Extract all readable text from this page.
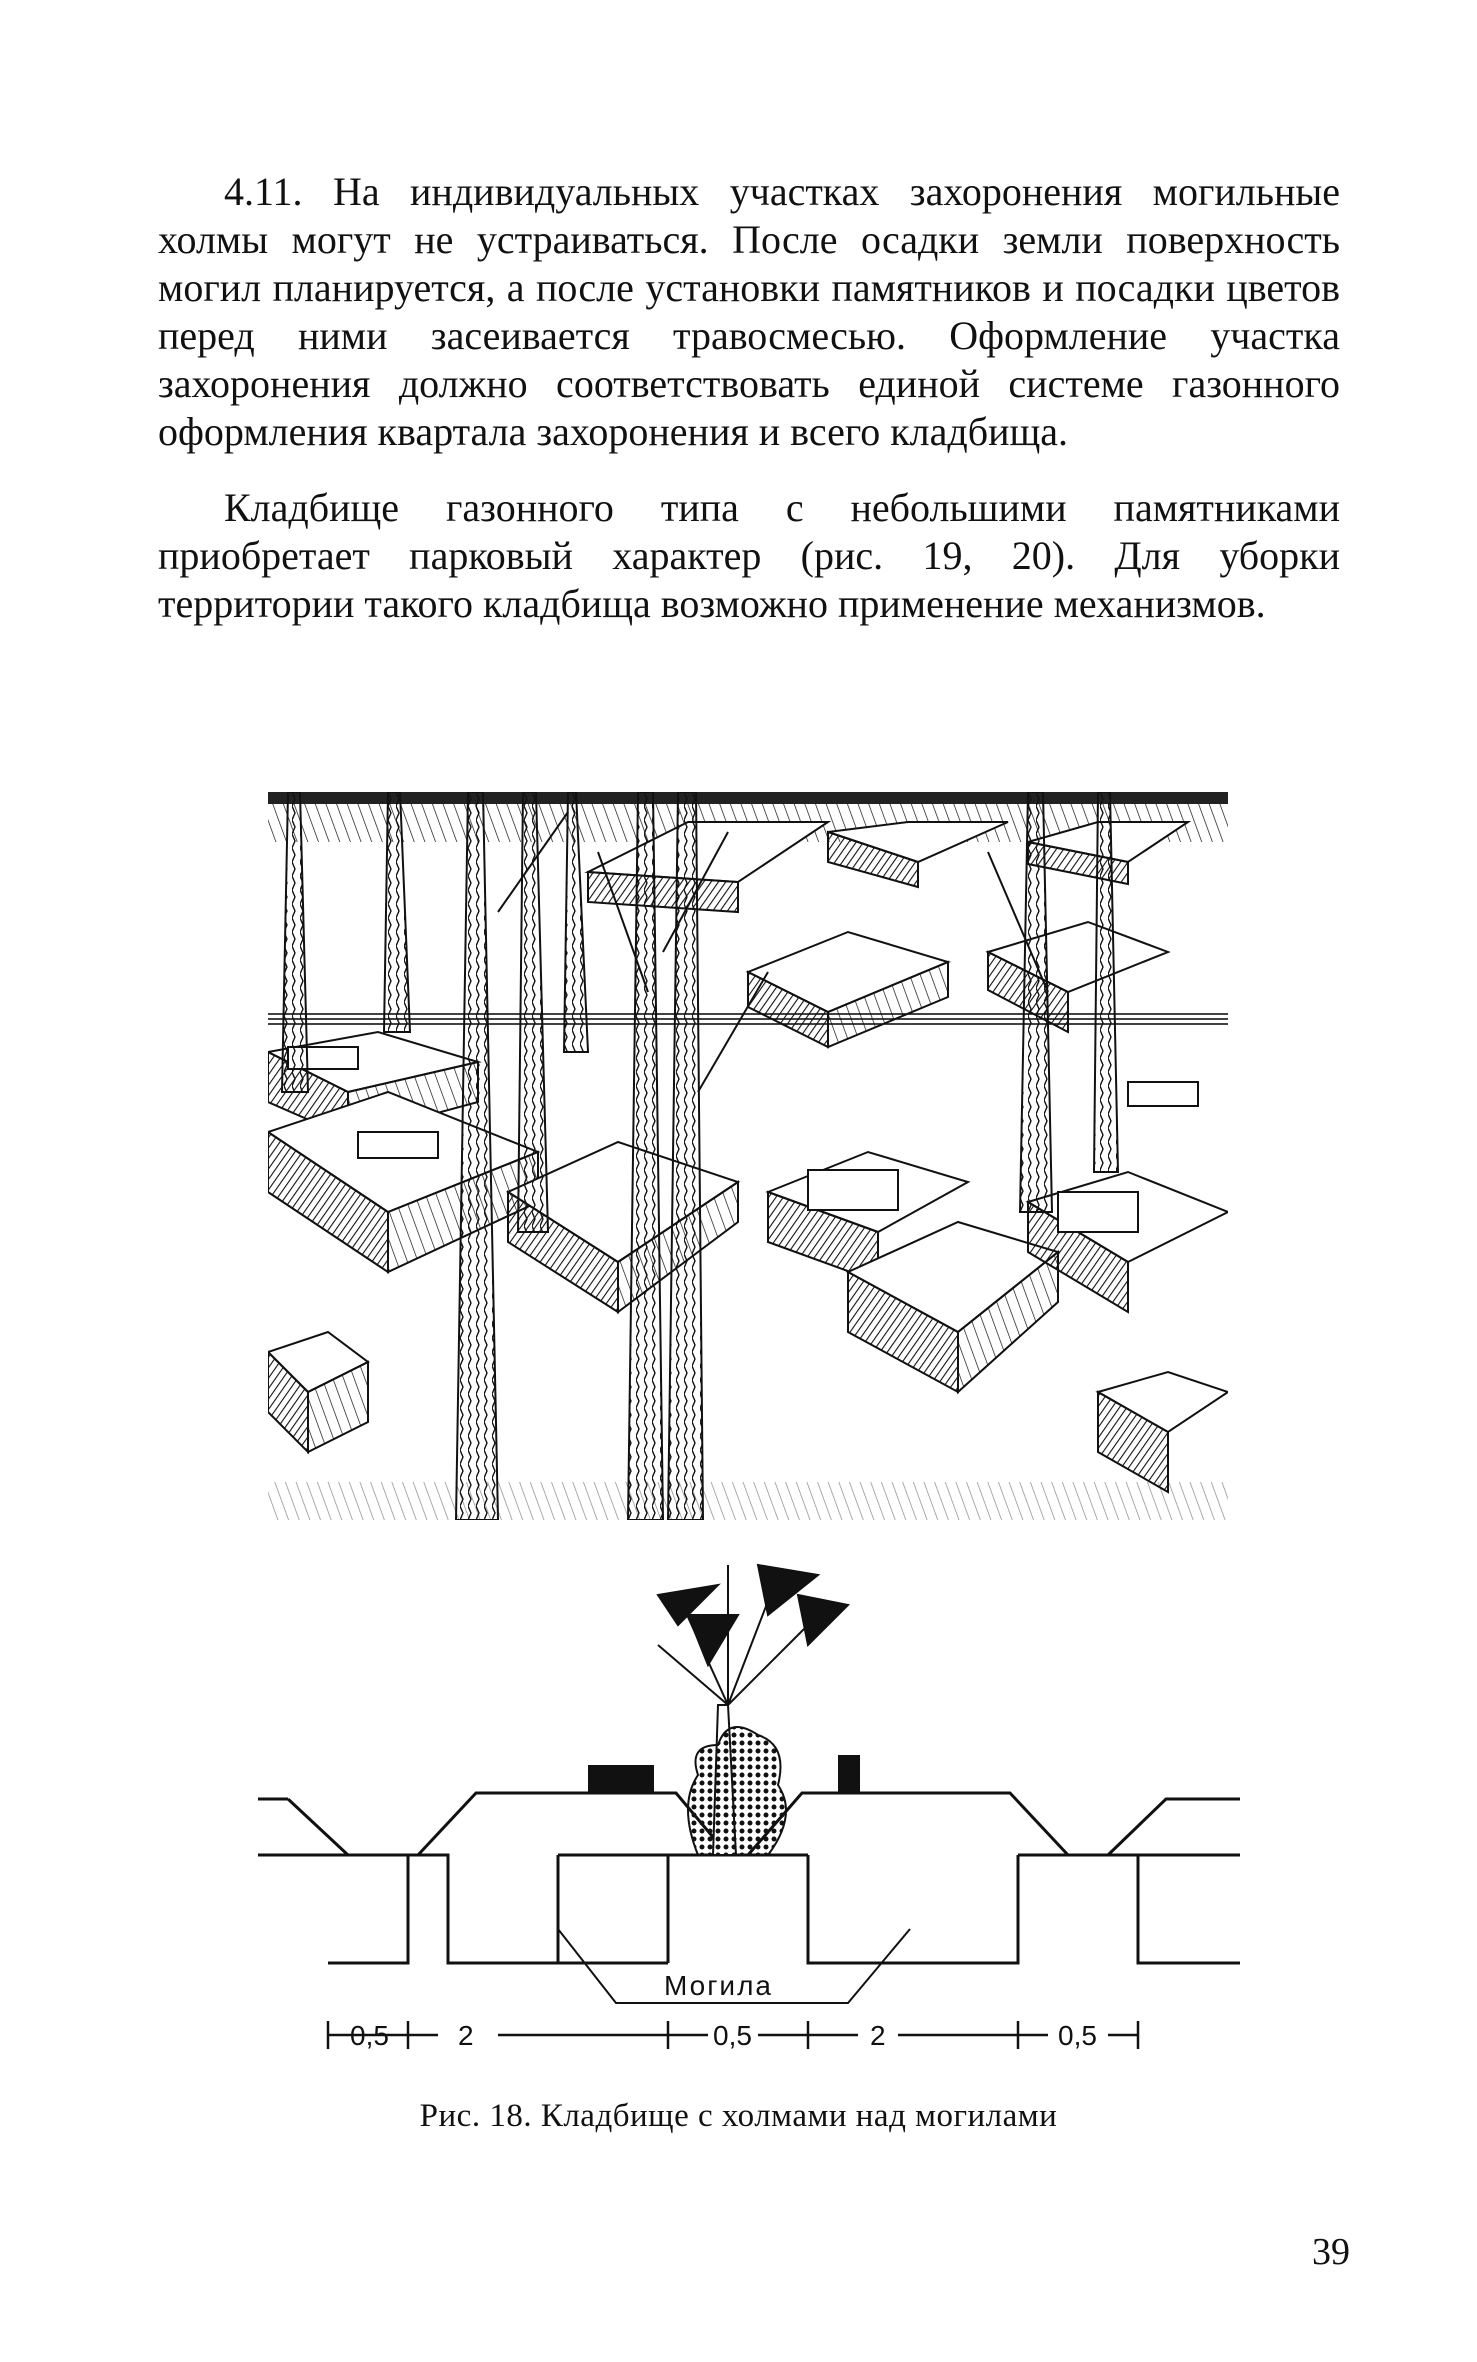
4.11. На индивидуальных участках захоронения могильные холмы могут не устраиваться. После осадки земли поверхность могил планируется, а после установки памятников и посадки цветов перед ними засеивается травосмесью. Оформление участка захоронения должно соответствовать единой системе газонного оформления квартала захоронения и всего кладбища.
Кладбище газонного типа с небольшими памятниками приобретает парковый характер (рис. 19, 20). Для уборки территории такого кладбища возможно применение механизмов.
Могила
0,5 2	0,5	2	0,5
Рис. 18. Кладбище с холмами над могилами
39
